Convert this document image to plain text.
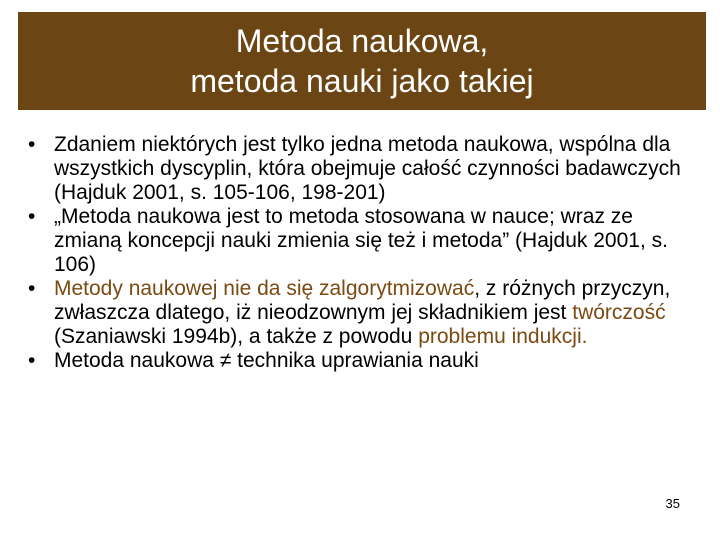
Metoda naukowa,
metoda nauki jako takiej
• Zdaniem niektórych jest tylko jedna metoda naukowa, wspólna dla wszystkich dyscyplin, która obejmuje całość czynności badawczych (Hajduk 2001, s. 105-106, 198-201)
• „Metoda naukowa jest to metoda stosowana w nauce; wraz ze zmianą koncepcji nauki zmienia się też i metoda” (Hajduk 2001, s. 106)
• Metody naukowej nie da się zalgorytmizować, z różnych przyczyn, zwłaszcza dlatego, iż nieodzownym jej składnikiem jest twórczość (Szaniawski 1994b), a także z powodu problemu indukcji.
• Metoda naukowa ≠ technika uprawiania nauki
35
